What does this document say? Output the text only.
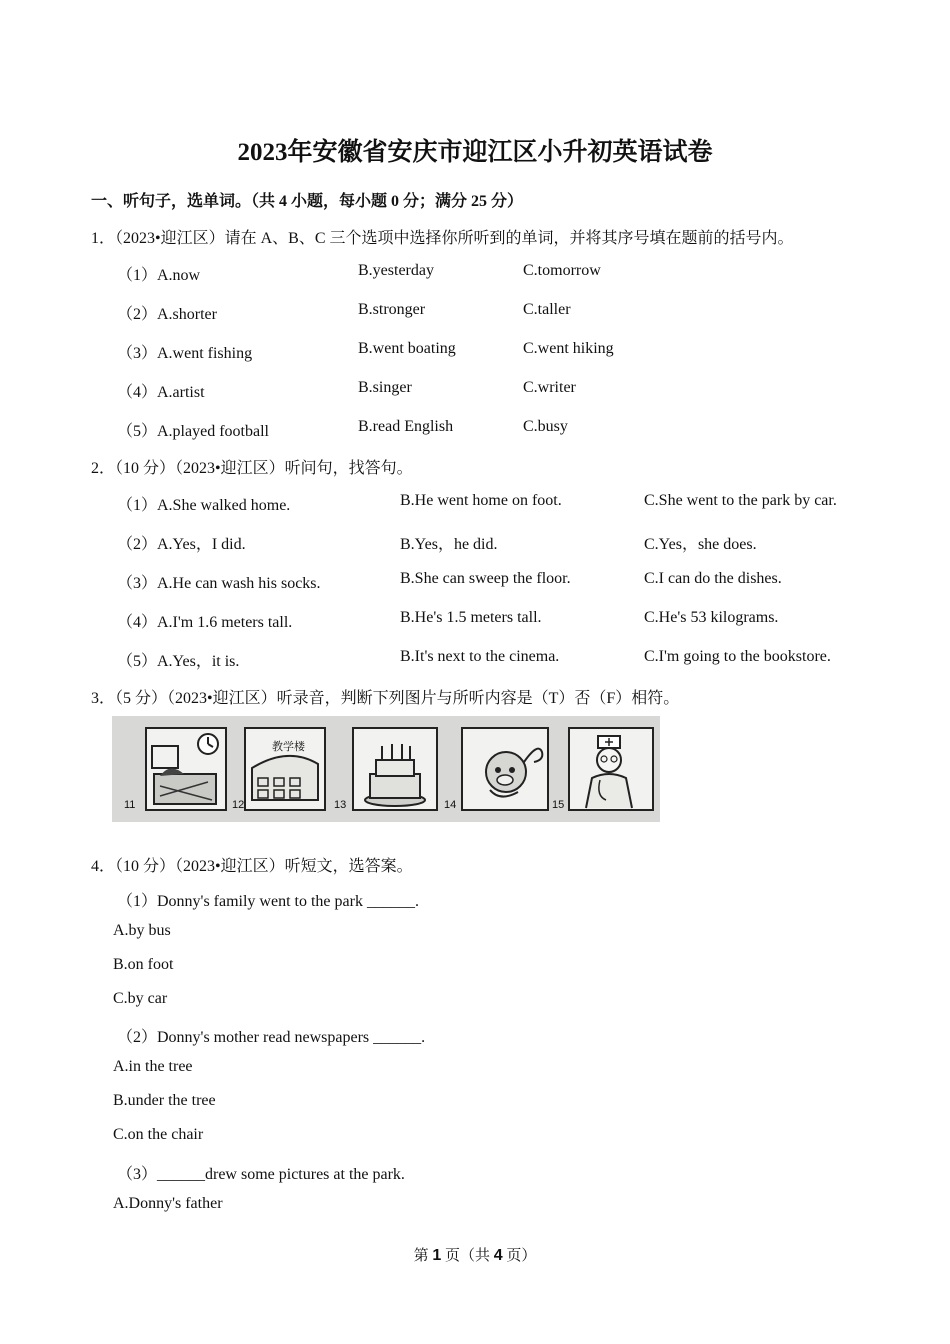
2023年安徽省安庆市迎江区小升初英语试卷
一、听句子，选单词。（共 4 小题，每小题 0 分；满分 25 分）
1．（2023•迎江区）请在 A、B、C 三个选项中选择你所听到的单词，并将其序号填在题前的括号内。
（1）A.now	B.yesterday	C.tomorrow
（2）A.shorter	B.stronger	C.taller
（3）A.went fishing	B.went boating	C.went hiking
（4）A.artist	B.singer	C.writer
（5）A.played football	B.read English	C.busy
2．（10 分）（2023•迎江区）听问句，找答句。
（1）A.She walked home.	B.He went home on foot.	C.She went to the park by car.
（2）A.Yes，I did.	B.Yes，he did.	C.Yes，she does.
（3）A.He can wash his socks.	B.She can sweep the floor.	C.I can do the dishes.
（4）A.I'm 1.6 meters tall.	B.He's 1.5 meters tall.	C.He's 53 kilograms.
（5）A.Yes，it is.	B.It's next to the cinema.	C.I'm going to the bookstore.
3．（5 分）（2023•迎江区）听录音，判断下列图片与所听内容是（T）否（F）相符。
11
教学楼
12	13	14	15
4．（10 分）（2023•迎江区）听短文，选答案。
（1）Donny's family went to the park ______.
A.by bus
B.on foot
C.by car
（2）Donny's mother read newspapers ______.
A.in the tree
B.under the tree
C.on the chair
（3）______drew some pictures at the park.
A.Donny's father
第 1 页（共 4 页）
